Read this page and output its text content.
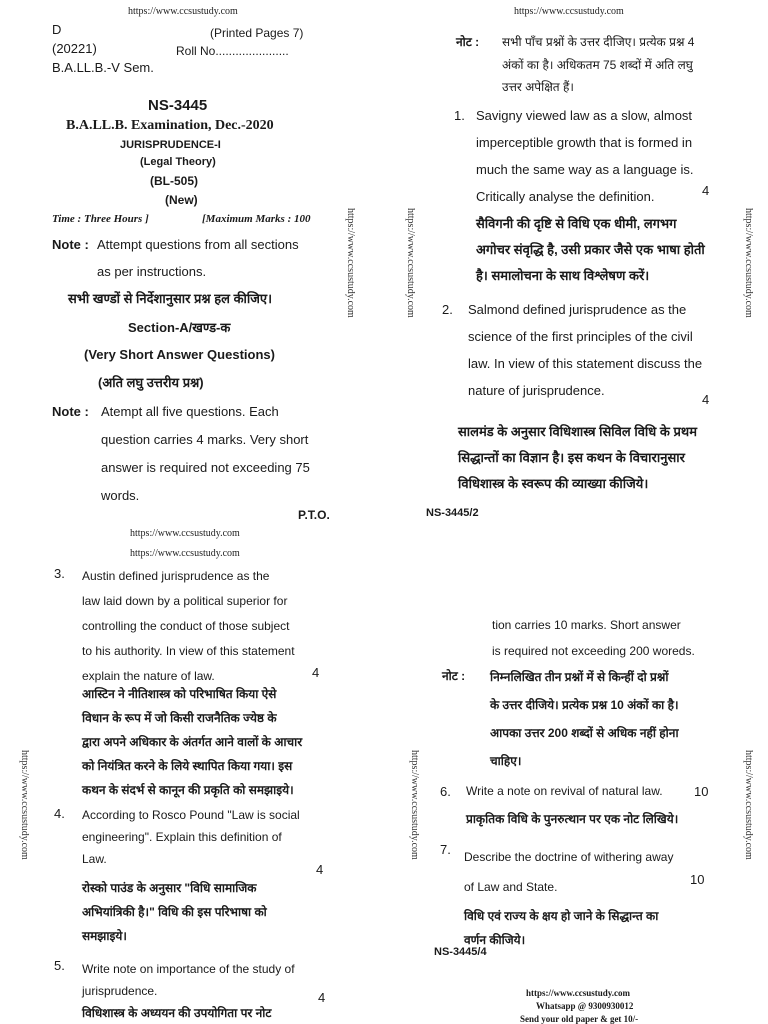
https://www.ccsustudy.com
D	(Printed Pages 7)
(20221)	Roll No......................
B.A.LL.B.-V Sem.
NS-3445
B.A.LL.B. Examination, Dec.-2020
JURISPRUDENCE-I
(Legal Theory)
(BL-505)
(New)
Time : Three Hours ]	[Maximum Marks : 100
Note : Attempt questions from all sections
as per instructions.
सभी खण्डों से निर्देशानुसार प्रश्न हल कीजिए।
Section-A/खण्ड-क
(Very Short Answer Questions)
(अति लघु उत्तरीय प्रश्न)
Note : Atempt all five questions. Each
question carries 4 marks. Very short
answer is required not exceeding 75
words.
P.T.O.
https://www.ccsustudy.com
https://www.ccsustudy.com
नोट : सभी पाँच प्रश्नों के उत्तर दीजिए। प्रत्येक प्रश्न 4
अंकों का है। अधिकतम 75 शब्दों में अति लघु
उत्तर अपेक्षित हैं।
1. Savigny viewed law as a slow, almost
imperceptible growth that is formed in
much the same way as a language is.
Critically analyse the definition.	4
सैविगनी की दृष्टि से विधि एक धीमी, लगभग
अगोचर संवृद्धि है, उसी प्रकार जैसे एक भाषा होती
है। समालोचना के साथ विश्लेषण करें।
2. Salmond defined jurisprudence as the
science of the first principles of the civil
law. In view of this statement discuss the
nature of jurisprudence.
4
सालमंड के अनुसार विधिशास्त्र सिविल विधि के प्रथम
सिद्धान्तों का विज्ञान है। इस कथन के विचारानुसार
विधिशास्त्र के स्वरूप की व्याख्या कीजिये।
NS-3445/2
https://www.ccsustudy.com	https://www.ccsustudy.com
https://www.ccsustudy.com
https://www.ccsustudy.com
3. Austin defined jurisprudence as the
law laid down by a political superior for
controlling the conduct of those subject
to his authority. In view of this statement
explain the nature of law.	4
आस्टिन ने नीतिशास्त्र को परिभाषित किया ऐसे
विधान के रूप में जो किसी राजनैतिक ज्येष्ठ के
द्वारा अपने अधिकार के अंतर्गत आने वालों के आचार
को नियंत्रित करने के लिये स्थापित किया गया। इस
कथन के संदर्भ से कानून की प्रकृति को समझाइये।
4. According to Rosco Pound "Law is social
engineering". Explain this definition of
Law.
4
रोस्को पाउंड के अनुसार "विधि सामाजिक
अभियांत्रिकी है।" विधि की इस परिभाषा को
समझाइये।
5. Write note on importance of the study of
jurisprudence.	4
विधिशास्त्र के अध्ययन की उपयोगिता पर नोट
https://www.ccsustudy.com
tion carries 10 marks. Short answer
is required not exceeding 200 woreds.
नोट : निम्नलिखित तीन प्रश्नों में से किन्हीं दो प्रश्नों
के उत्तर दीजिये। प्रत्येक प्रश्न 10 अंकों का है।
आपका उत्तर 200 शब्दों से अधिक नहीं होना
चाहिए।
6. Write a note on revival of natural law. 10
प्राकृतिक विधि के पुनरुत्थान पर एक नोट लिखिये।
7. Describe the doctrine of withering away
of Law and State.	10
विधि एवं राज्य के क्षय हो जाने के सिद्धान्त का
वर्णन कीजिये।
NS-3445/4
https://www.ccsustudy.com
Whatsapp @ 9300930012
Send your old paper & get 10/-
https://www.ccsustudy.com	https://www.ccsustudy.com
